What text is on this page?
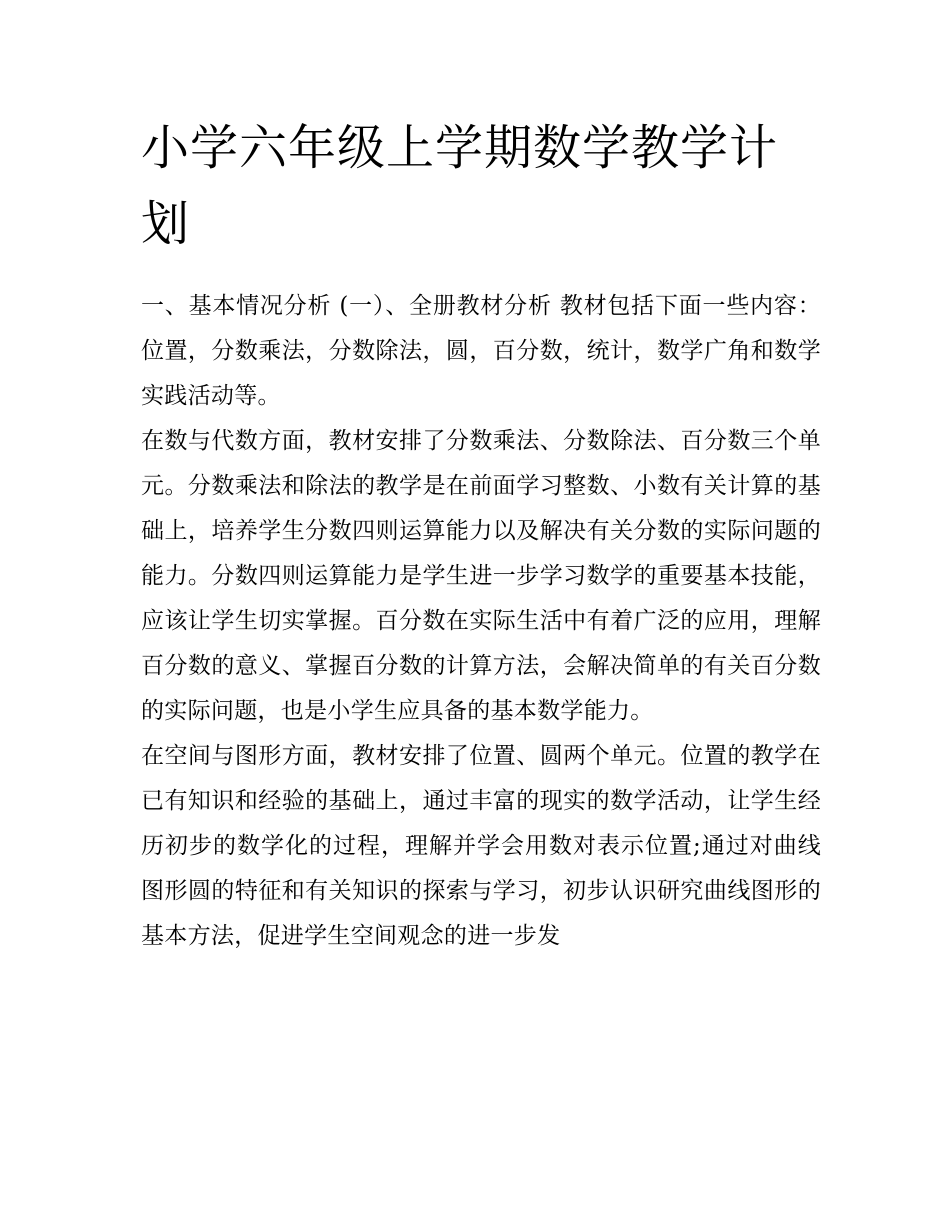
小学六年级上学期数学教学计划

一、基本情况分析 (一）、全册教材分析 教材包括下面一些内容：位置，分数乘法，分数除法，圆，百分数，统计，数学广角和数学实践活动等。

在数与代数方面，教材安排了分数乘法、分数除法、百分数三个单元。分数乘法和除法的教学是在前面学习整数、小数有关计算的基础上，培养学生分数四则运算能力以及解决有关分数的实际问题的能力。分数四则运算能力是学生进一步学习数学的重要基本技能，应该让学生切实掌握。百分数在实际生活中有着广泛的应用，理解百分数的意义、掌握百分数的计算方法，会解决简单的有关百分数的实际问题，也是小学生应具备的基本数学能力。

在空间与图形方面，教材安排了位置、圆两个单元。位置的教学在已有知识和经验的基础上，通过丰富的现实的数学活动，让学生经历初步的数学化的过程，理解并学会用数对表示位置;通过对曲线图形圆的特征和有关知识的探索与学习，初步认识研究曲线图形的基本方法，促进学生空间观念的进一步发
